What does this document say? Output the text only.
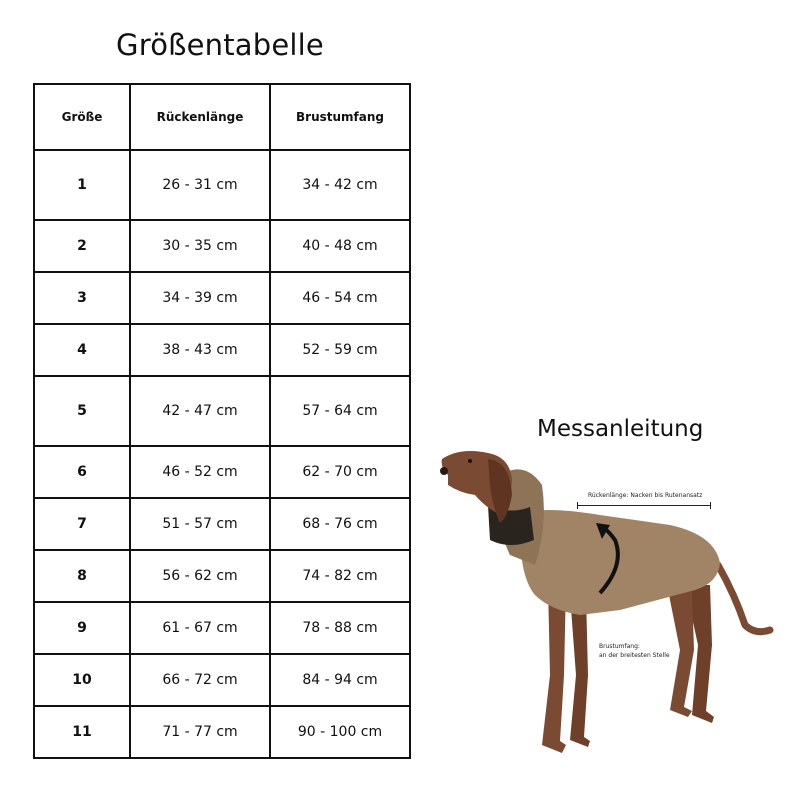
Größentabelle
Größe	Rückenlänge	Brustumfang
1	26 - 31 cm	34 - 42 cm
2	30 - 35 cm	40 - 48 cm
3	34 - 39 cm	46 - 54 cm
4	38 - 43 cm	52 - 59 cm
5	42 - 47 cm	57 - 64 cm
6	46 - 52 cm	62 - 70 cm
7	51 - 57 cm	68 - 76 cm
8	56 - 62 cm	74 - 82 cm
9	61 - 67 cm	78 - 88 cm
10	66 - 72 cm	84 - 94 cm
11	71 - 77 cm	90 - 100 cm
Messanleitung
Rückenlänge: Nacken bis Rutenansatz
Brustumfang:
an der breitesten Stelle
